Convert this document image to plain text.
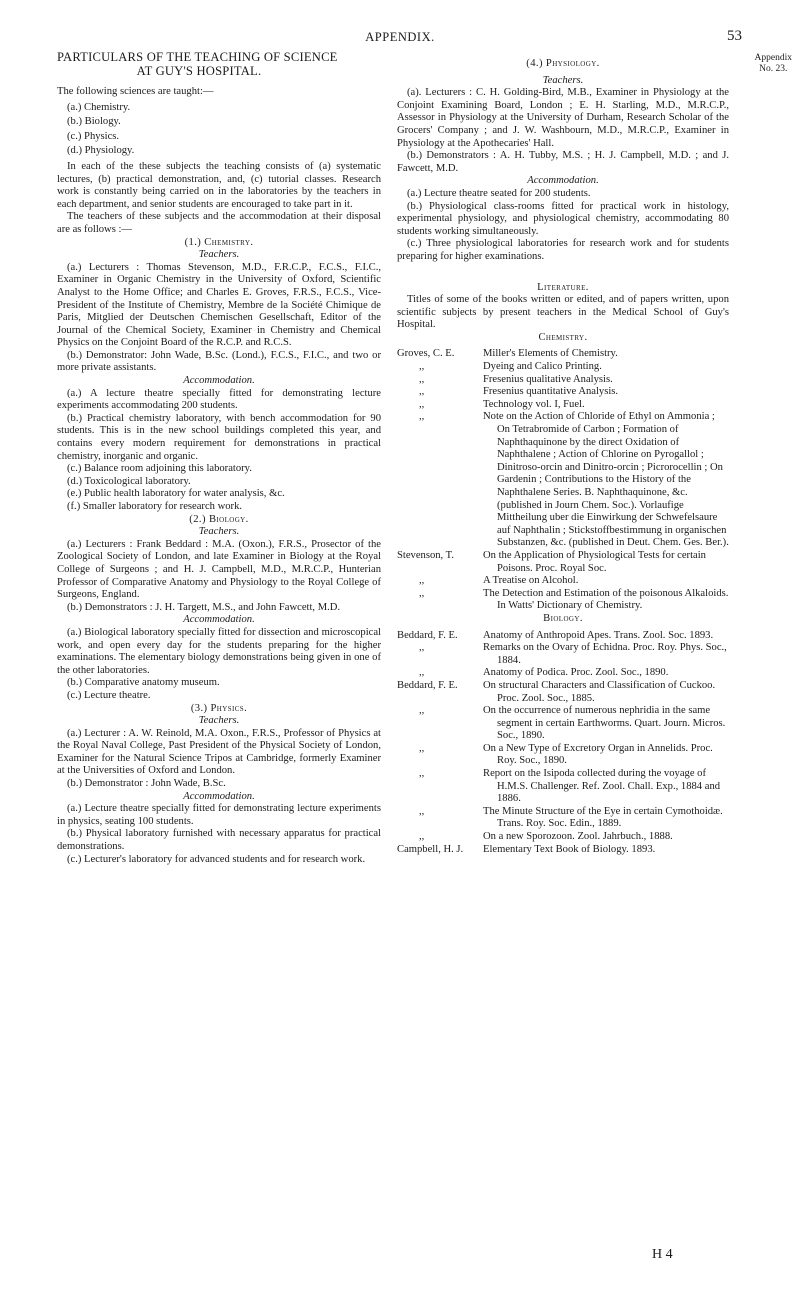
APPENDIX.	53
Appendix
No. 23.
PARTICULARS OF THE TEACHING OF SCIENCE
AT GUY'S HOSPITAL.

The following sciences are taught:—

(a.) Chemistry.
(b.) Biology.
(c.) Physics.
(d.) Physiology.

In each of the these subjects the teaching consists of (a) systematic lectures, (b) practical demonstration, and, (c) tutorial classes. Research work is constantly being carried on in the laboratories by the teachers in each department, and senior students are encouraged to take part in it.

The teachers of these subjects and the accommodation at their disposal are as follows :—

(1.) Chemistry.

Teachers.

(a.) Lecturers : Thomas Stevenson, M.D., F.R.C.P., F.C.S., F.I.C., Examiner in Organic Chemistry in the University of Oxford, Scientific Analyst to the Home Office; and Charles E. Groves, F.R.S., F.C.S., Vice-President of the Institute of Chemistry, Membre de la Société Chimique de Paris, Mitglied der Deutschen Chemischen Gesellschaft, Editor of the Journal of the Chemical Society, Examiner in Chemistry and Chemical Physics on the Conjoint Board of the R.C.P. and R.C.S.

(b.) Demonstrator: John Wade, B.Sc. (Lond.), F.C.S., F.I.C., and two or more private assistants.

Accommodation.

(a.) A lecture theatre specially fitted for demonstrating lecture experiments accommodating 200 students.

(b.) Practical chemistry laboratory, with bench accommodation for 90 students. This is in the new school buildings completed this year, and contains every modern requirement for demonstrations in practical chemistry, inorganic and organic.

(c.) Balance room adjoining this laboratory.

(d.) Toxicological laboratory.

(e.) Public health laboratory for water analysis, &c.

(f.) Smaller laboratory for research work.

(2.) Biology.

Teachers.

(a.) Lecturers : Frank Beddard : M.A. (Oxon.), F.R.S., Prosector of the Zoological Society of London, and late Examiner in Biology at the Royal College of Surgeons ; and H. J. Campbell, M.D., M.R.C.P., Hunterian Professor of Comparative Anatomy and Physiology to the Royal College of Surgeons, England.

(b.) Demonstrators : J. H. Targett, M.S., and John Fawcett, M.D.

Accommodation.

(a.) Biological laboratory specially fitted for dissection and microscopical work, and open every day for the students preparing for the higher examinations. The elementary biology demonstrations being given in one of the other laboratories.

(b.) Comparative anatomy museum.

(c.) Lecture theatre.

(3.) Physics.

Teachers.

(a.) Lecturer : A. W. Reinold, M.A. Oxon., F.R.S., Professor of Physics at the Royal Naval College, Past President of the Physical Society of London, Examiner for the Natural Science Tripos at Cambridge, formerly Examiner at the Universities of Oxford and London.

(b.) Demonstrator : John Wade, B.Sc.

Accommodation.

(a.) Lecture theatre specially fitted for demonstrating lecture experiments in physics, seating 100 students.

(b.) Physical laboratory furnished with necessary apparatus for practical demonstrations.

(c.) Lecturer's laboratory for advanced students and for research work.

(4.) Physiology.

Teachers.

(a). Lecturers : C. H. Golding-Bird, M.B., Examiner in Physiology at the Conjoint Examining Board, London ; E. H. Starling, M.D., M.R.C.P., Assessor in Physiology at the University of Durham, Research Scholar of the Grocers' Company ; and J. W. Washbourn, M.D., M.R.C.P., Examiner in Physiology at the Apothecaries' Hall.

(b.) Demonstrators : A. H. Tubby, M.S. ; H. J. Campbell, M.D. ; and J. Fawcett, M.D.

Accommodation.

(a.) Lecture theatre seated for 200 students.

(b.) Physiological class-rooms fitted for practical work in histology, experimental physiology, and physiological chemistry, accommodating 80 students working simultaneously.

(c.) Three physiological laboratories for research work and for students preparing for higher examinations.

Literature.

Titles of some of the books written or edited, and of papers written, upon scientific subjects by present teachers in the Medical School of Guy's Hospital.

Chemistry.

Groves, C. E.	Miller's Elements of Chemistry.
,,	Dyeing and Calico Printing.
,,	Fresenius qualitative Analysis.
,,	Fresenius quantitative Analysis.
,,	Technology vol. I, Fuel.
,,	Note on the Action of Chloride of Ethyl on Ammonia ; On Tetrabromide of Carbon ; Formation of Naphthaquinone by the direct Oxidation of Naphthalene ; Action of Chlorine on Pyrogallol ; Dinitroso-orcin and Dinitro-orcin ; Picrorocellin ; On Gardenin ; Contributions to the History of the Naphthalene Series. B. Naphthaquinone, &c. (published in Journ Chem. Soc.). Vorlaufige Mittheilung uber die Einwirkung der Schwefelsaure auf Naphthalin ; Stickstoffbestimmung in organischen Substanzen, &c. (published in Deut. Chem. Ges. Ber.).
Stevenson, T.	On the Application of Physiological Tests for certain Poisons. Proc. Royal Soc.
,,	A Treatise on Alcohol.
,,	The Detection and Estimation of the poisonous Alkaloids. In Watts' Dictionary of Chemistry.

Biology.

Beddard, F. E.	Anatomy of Anthropoid Apes. Trans. Zool. Soc. 1893.
,,	Remarks on the Ovary of Echidna. Proc. Roy. Phys. Soc., 1884.
,,	Anatomy of Podica. Proc. Zool. Soc., 1890.
Beddard, F. E.	On structural Characters and Classification of Cuckoo. Proc. Zool. Soc., 1885.
,,	On the occurrence of numerous nephridia in the same segment in certain Earthworms. Quart. Journ. Micros. Soc., 1890.
,,	On a New Type of Excretory Organ in Annelids. Proc. Roy. Soc., 1890.
,,	Report on the Isipoda collected during the voyage of H.M.S. Challenger. Ref. Zool. Chall. Exp., 1884 and 1886.
,,	The Minute Structure of the Eye in certain Cymothoidæ. Trans. Roy. Soc. Edin., 1889.
,,	On a new Sporozoon. Zool. Jahrbuch., 1888.
Campbell, H. J.	Elementary Text Book of Biology. 1893.
H 4
